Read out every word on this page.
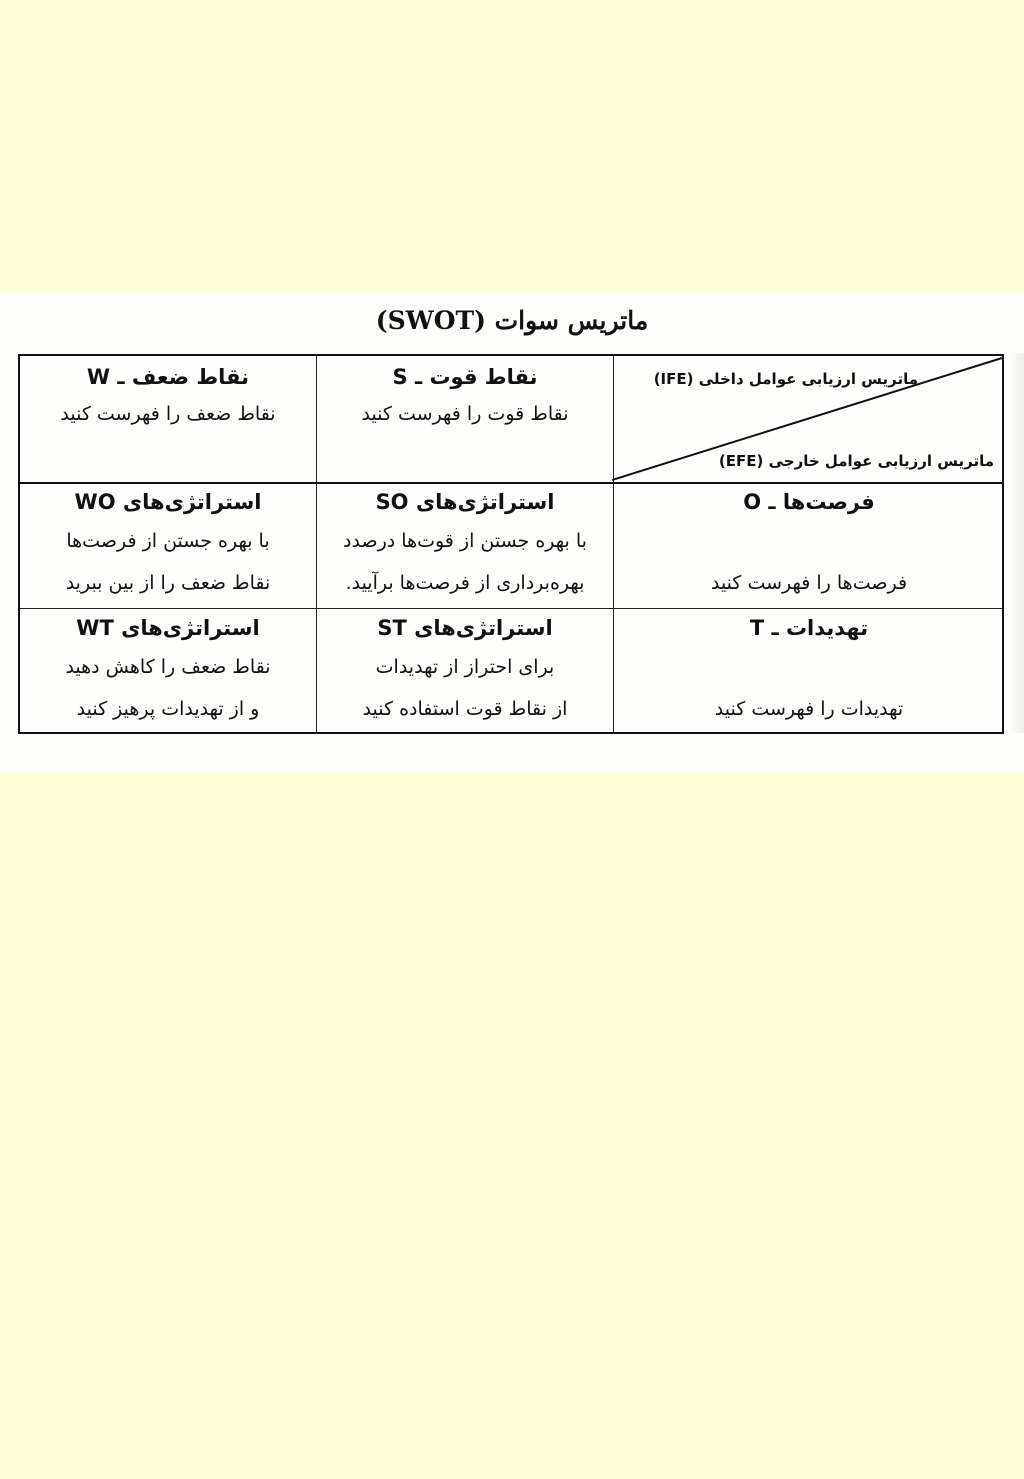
ماتریس سوات (SWOT)
ماتریس ارزیابی عوامل داخلی (IFE)
ماتریس ارزیابی عوامل خارجی (EFE)
نقاط قوت ـ S
نقاط قوت را فهرست کنید
نقاط ضعف ـ W
نقاط ضعف را فهرست کنید
فرصت‌ها ـ O
فرصت‌ها را فهرست کنید
استراتژی‌های SO
با بهره جستن از قوت‌ها درصدد
بهره‌برداری از فرصت‌ها برآیید.
استراتژی‌های WO
با بهره جستن از فرصت‌ها
نقاط ضعف را از بین ببرید
تهدیدات ـ T
تهدیدات را فهرست کنید
استراتژی‌های ST
برای احتراز از تهدیدات
از نقاط قوت استفاده کنید
استراتژی‌های WT
نقاط ضعف را کاهش دهید
و از تهدیدات پرهیز کنید
